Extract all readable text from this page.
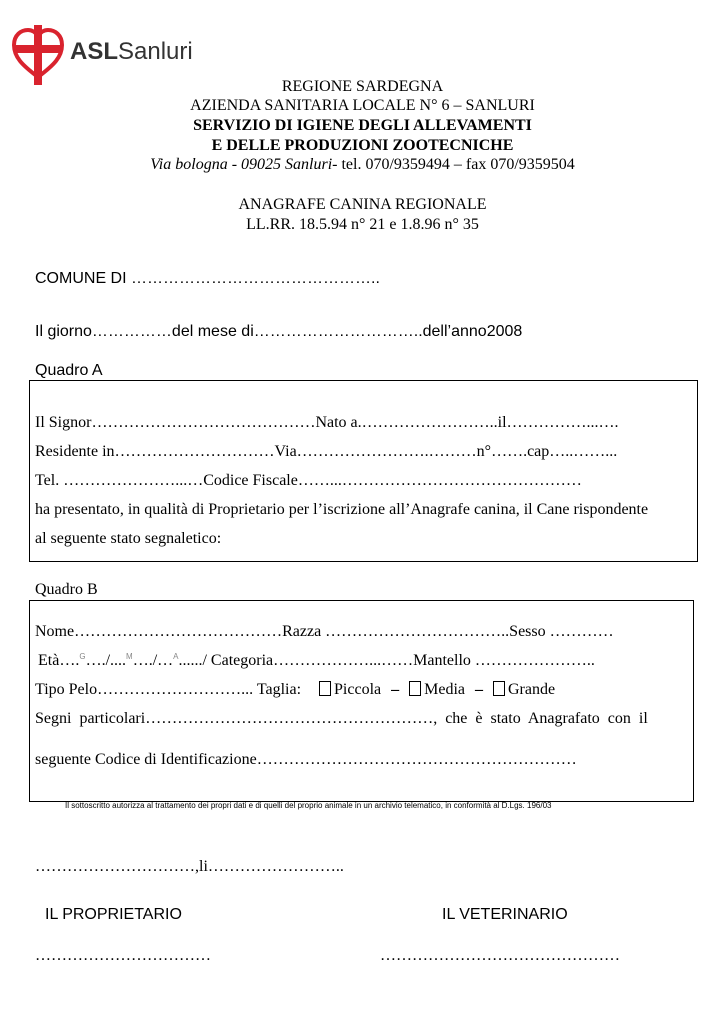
ASLSanluri
REGIONE SARDEGNA
AZIENDA SANITARIA LOCALE N° 6 – SANLURI
SERVIZIO DI IGIENE DEGLI ALLEVAMENTI
E DELLE PRODUZIONI ZOOTECNICHE
Via bologna - 09025 Sanluri- tel. 070/9359494 – fax 070/9359504
ANAGRAFE CANINA REGIONALE
LL.RR. 18.5.94 n° 21 e 1.8.96 n° 35
COMUNE DI ………………………………………..
Il giorno……………del mese di…………………………..dell’anno2008
Quadro A
Il Signor……………………………………Nato a.……………………..il……………...….
Residente in…………………………Via…………………….………n°…….cap…..……...
Tel. …………………...…Codice Fiscale……...………………………………………
ha presentato, in qualità di Proprietario per l’iscrizione all’Anagrafe canina, il Cane rispondente
al seguente stato segnaletico:
Quadro B
Nome…………………………………Razza ……………………………..Sesso …………
Età….$^G$…./....$^M$…./…$^A$....../ Categoria………………...……Mantello …………………..
Tipo Pelo………………………... Taglia: Piccola – Media – Grande
Segni  particolari………………………………………………,  che  è  stato  Anagrafato  con  il
seguente Codice di Identificazione……………………………………………………
Il sottoscritto autorizza al trattamento dei propri dati e di quelli del proprio animale in un archivio telematico, in conformità al D.Lgs. 196/03
…………………………,li……………………..
IL PROPRIETARIO	IL VETERINARIO
……………………………	………………………………………
